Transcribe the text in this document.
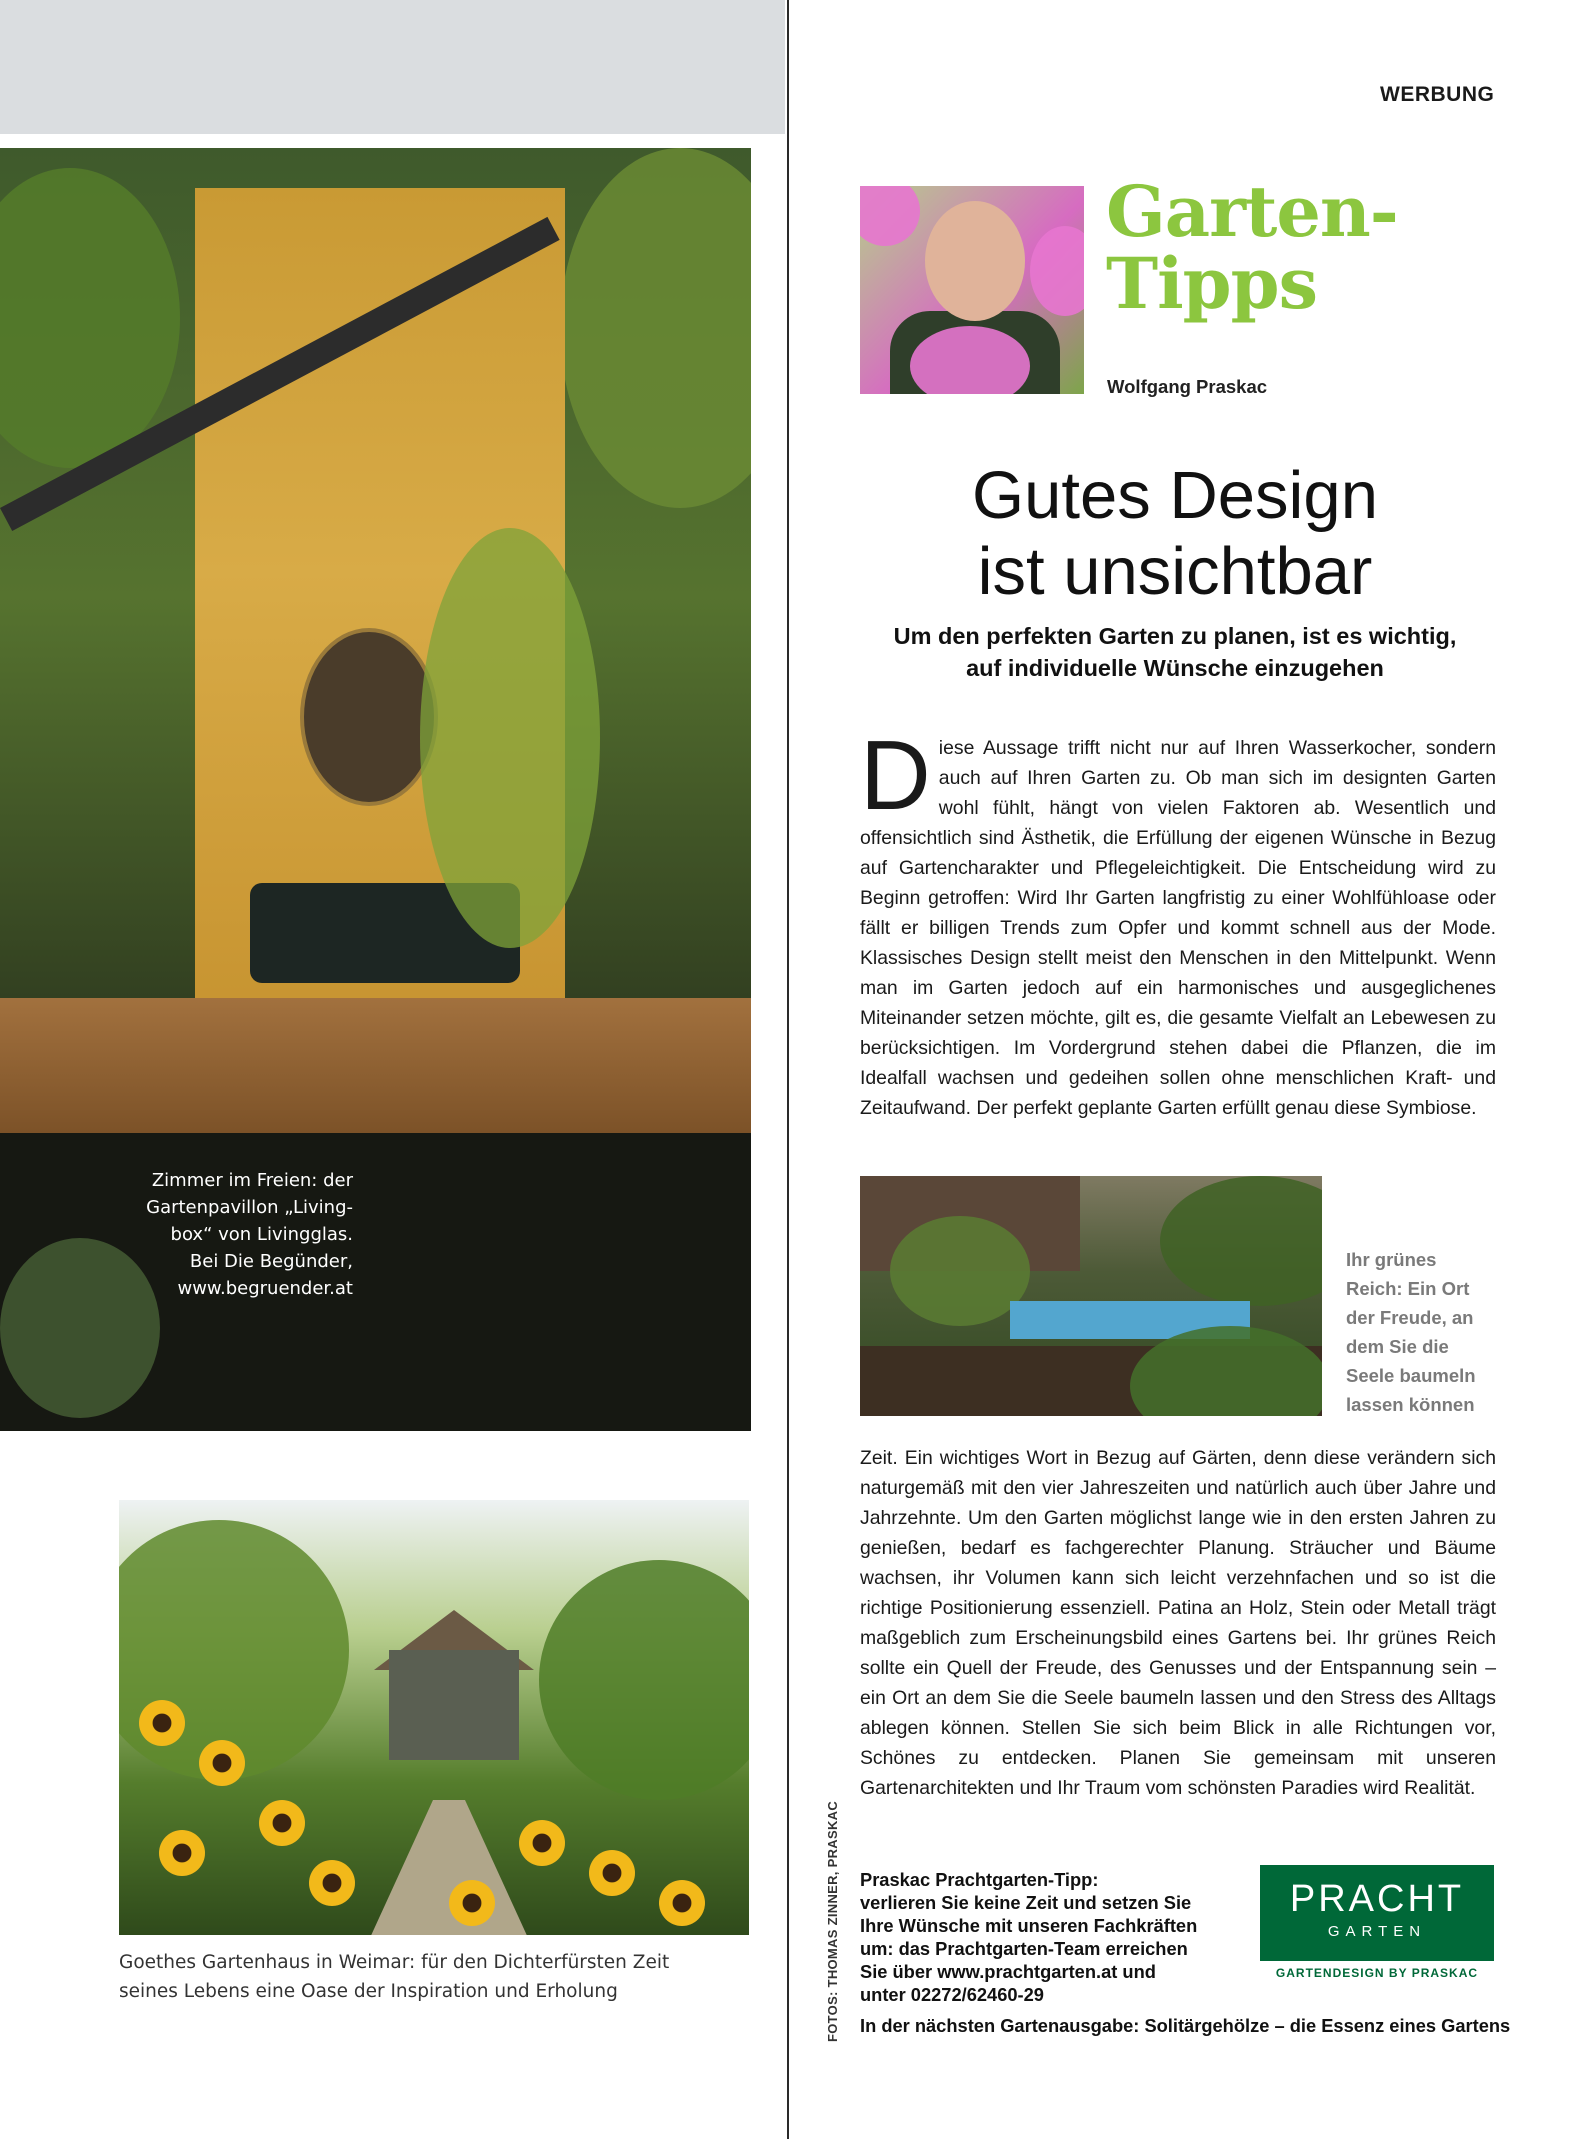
WERBUNG
Zimmer im Freien: der
Gartenpavillon „Living-
box“ von Livingglas.
Bei Die Begünder,
www.begruender.at
Goethes Gartenhaus in Weimar: für den Dichterfürsten Zeit
seines Lebens eine Oase der Inspiration und Erholung
Garten-
Tipps
Wolfgang Praskac
Gutes Design
ist unsichtbar
Um den perfekten Garten zu planen, ist es wichtig,
auf individuelle Wünsche einzugehen
Diese Aussage trifft nicht nur auf Ihren Wasserkocher, sondern auch auf Ihren Garten zu. Ob man sich im designten Garten wohl fühlt, hängt von vielen Faktoren ab. Wesentlich und offensichtlich sind Ästhetik, die Erfüllung der eigenen Wünsche in Bezug auf Gartencharakter und Pflegeleichtigkeit. Die Entscheidung wird zu Beginn getroffen: Wird Ihr Garten langfristig zu einer Wohlfühloase oder fällt er billigen Trends zum Opfer und kommt schnell aus der Mode. Klassisches Design stellt meist den Menschen in den Mittelpunkt. Wenn man im Garten jedoch auf ein harmonisches und ausgeglichenes Miteinander setzen möchte, gilt es, die gesamte Vielfalt an Lebewesen zu berücksichtigen. Im Vordergrund stehen dabei die Pflanzen, die im Idealfall wachsen und gedeihen sollen ohne menschlichen Kraft- und Zeitaufwand. Der perfekt geplante Garten erfüllt genau diese Symbiose.
Ihr grünes
Reich: Ein Ort
der Freude, an
dem Sie die
Seele baumeln
lassen können
Zeit. Ein wichtiges Wort in Bezug auf Gärten, denn diese verändern sich naturgemäß mit den vier Jahreszeiten und natürlich auch über Jahre und Jahrzehnte. Um den Garten möglichst lange wie in den ersten Jahren zu genießen, bedarf es fachgerechter Planung. Sträucher und Bäume wachsen, ihr Volumen kann sich leicht verzehnfachen und so ist die richtige Positionierung essenziell. Patina an Holz, Stein oder Metall trägt maßgeblich zum Erscheinungsbild eines Gartens bei. Ihr grünes Reich sollte ein Quell der Freude, des Genusses und der Entspannung sein – ein Ort an dem Sie die Seele baumeln lassen und den Stress des Alltags ablegen können. Stellen Sie sich beim Blick in alle Richtungen vor, Schönes zu entdecken. Planen Sie gemeinsam mit unseren Gartenarchitekten und Ihr Traum vom schönsten Paradies wird Realität.
FOTOS: THOMAS ZINNER, PRASKAC Praskac Prachtgarten-Tipp:
verlieren Sie keine Zeit und setzen Sie
Ihre Wünsche mit unseren Fachkräften
um: das Prachtgarten-Team erreichen
Sie über www.prachtgarten.at und
unter 02272/62460-29
PRACHT
GARTEN
GARTENDESIGN BY PRASKAC
In der nächsten Gartenausgabe: Solitärgehölze – die Essenz eines Gartens
